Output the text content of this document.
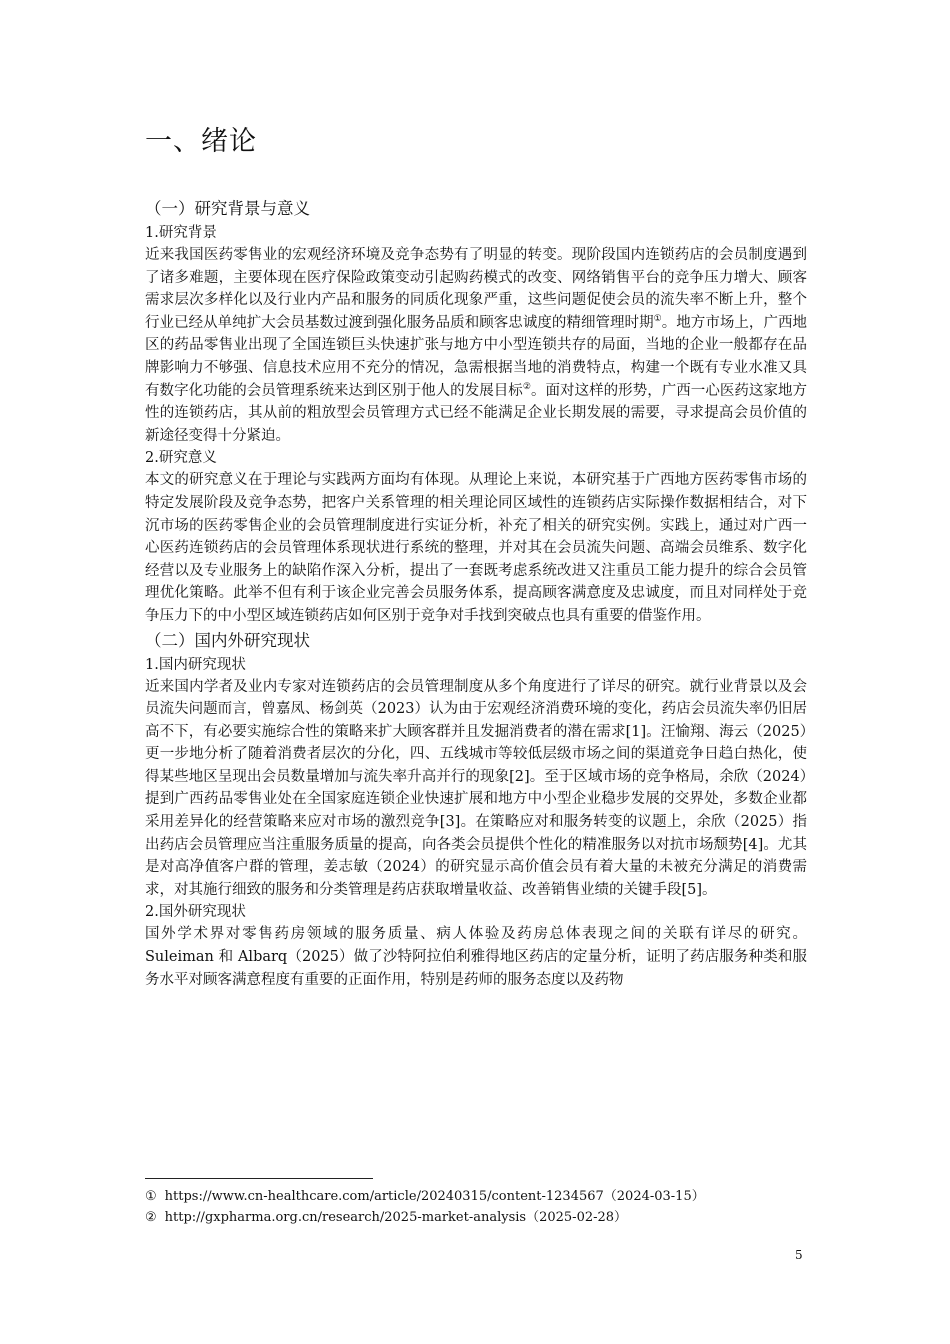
一、绪论
（一）研究背景与意义
1.研究背景

近来我国医药零售业的宏观经济环境及竞争态势有了明显的转变。现阶段国内连锁药店的会员制度遇到了诸多难题，主要体现在医疗保险政策变动引起购药模式的改变、网络销售平台的竞争压力增大、顾客需求层次多样化以及行业内产品和服务的同质化现象严重，这些问题促使会员的流失率不断上升，整个行业已经从单纯扩大会员基数过渡到强化服务品质和顾客忠诚度的精细管理时期①。地方市场上，广西地区的药品零售业出现了全国连锁巨头快速扩张与地方中小型连锁共存的局面，当地的企业一般都存在品牌影响力不够强、信息技术应用不充分的情况，急需根据当地的消费特点，构建一个既有专业水准又具有数字化功能的会员管理系统来达到区别于他人的发展目标②。面对这样的形势，广西一心医药这家地方性的连锁药店，其从前的粗放型会员管理方式已经不能满足企业长期发展的需要，寻求提高会员价值的新途径变得十分紧迫。

2.研究意义

本文的研究意义在于理论与实践两方面均有体现。从理论上来说，本研究基于广西地方医药零售市场的特定发展阶段及竞争态势，把客户关系管理的相关理论同区域性的连锁药店实际操作数据相结合，对下沉市场的医药零售企业的会员管理制度进行实证分析，补充了相关的研究实例。实践上，通过对广西一心医药连锁药店的会员管理体系现状进行系统的整理，并对其在会员流失问题、高端会员维系、数字化经营以及专业服务上的缺陷作深入分析，提出了一套既考虑系统改进又注重员工能力提升的综合会员管理优化策略。此举不但有利于该企业完善会员服务体系，提高顾客满意度及忠诚度，而且对同样处于竞争压力下的中小型区域连锁药店如何区别于竞争对手找到突破点也具有重要的借鉴作用。

（二）国内外研究现状
1.国内研究现状

近来国内学者及业内专家对连锁药店的会员管理制度从多个角度进行了详尽的研究。就行业背景以及会员流失问题而言，曾嘉凤、杨剑英（2023）认为由于宏观经济消费环境的变化，药店会员流失率仍旧居高不下，有必要实施综合性的策略来扩大顾客群并且发掘消费者的潜在需求[1]。汪愉翔、海云（2025）更一步地分析了随着消费者层次的分化，四、五线城市等较低层级市场之间的渠道竞争日趋白热化，使得某些地区呈现出会员数量增加与流失率升高并行的现象[2]。至于区域市场的竞争格局，余欣（2024）提到广西药品零售业处在全国家庭连锁企业快速扩展和地方中小型企业稳步发展的交界处，多数企业都采用差异化的经营策略来应对市场的激烈竞争[3]。在策略应对和服务转变的议题上，余欣（2025）指出药店会员管理应当注重服务质量的提高，向各类会员提供个性化的精准服务以对抗市场颓势[4]。尤其是对高净值客户群的管理，姜志敏（2024）的研究显示高价值会员有着大量的未被充分满足的消费需求，对其施行细致的服务和分类管理是药店获取增量收益、改善销售业绩的关键手段[5]。

2.国外研究现状

国外学术界对零售药房领域的服务质量、病人体验及药房总体表现之间的关联有详尽的研究。Suleiman 和 Albarq（2025）做了沙特阿拉伯利雅得地区药店的定量分析，证明了药店服务种类和服务水平对顾客满意程度有重要的正面作用，特别是药师的服务态度以及药物

① https://www.cn-healthcare.com/article/20240315/content-1234567（2024-03-15）

② http://gxpharma.org.cn/research/2025-market-analysis（2025-02-28）

5
